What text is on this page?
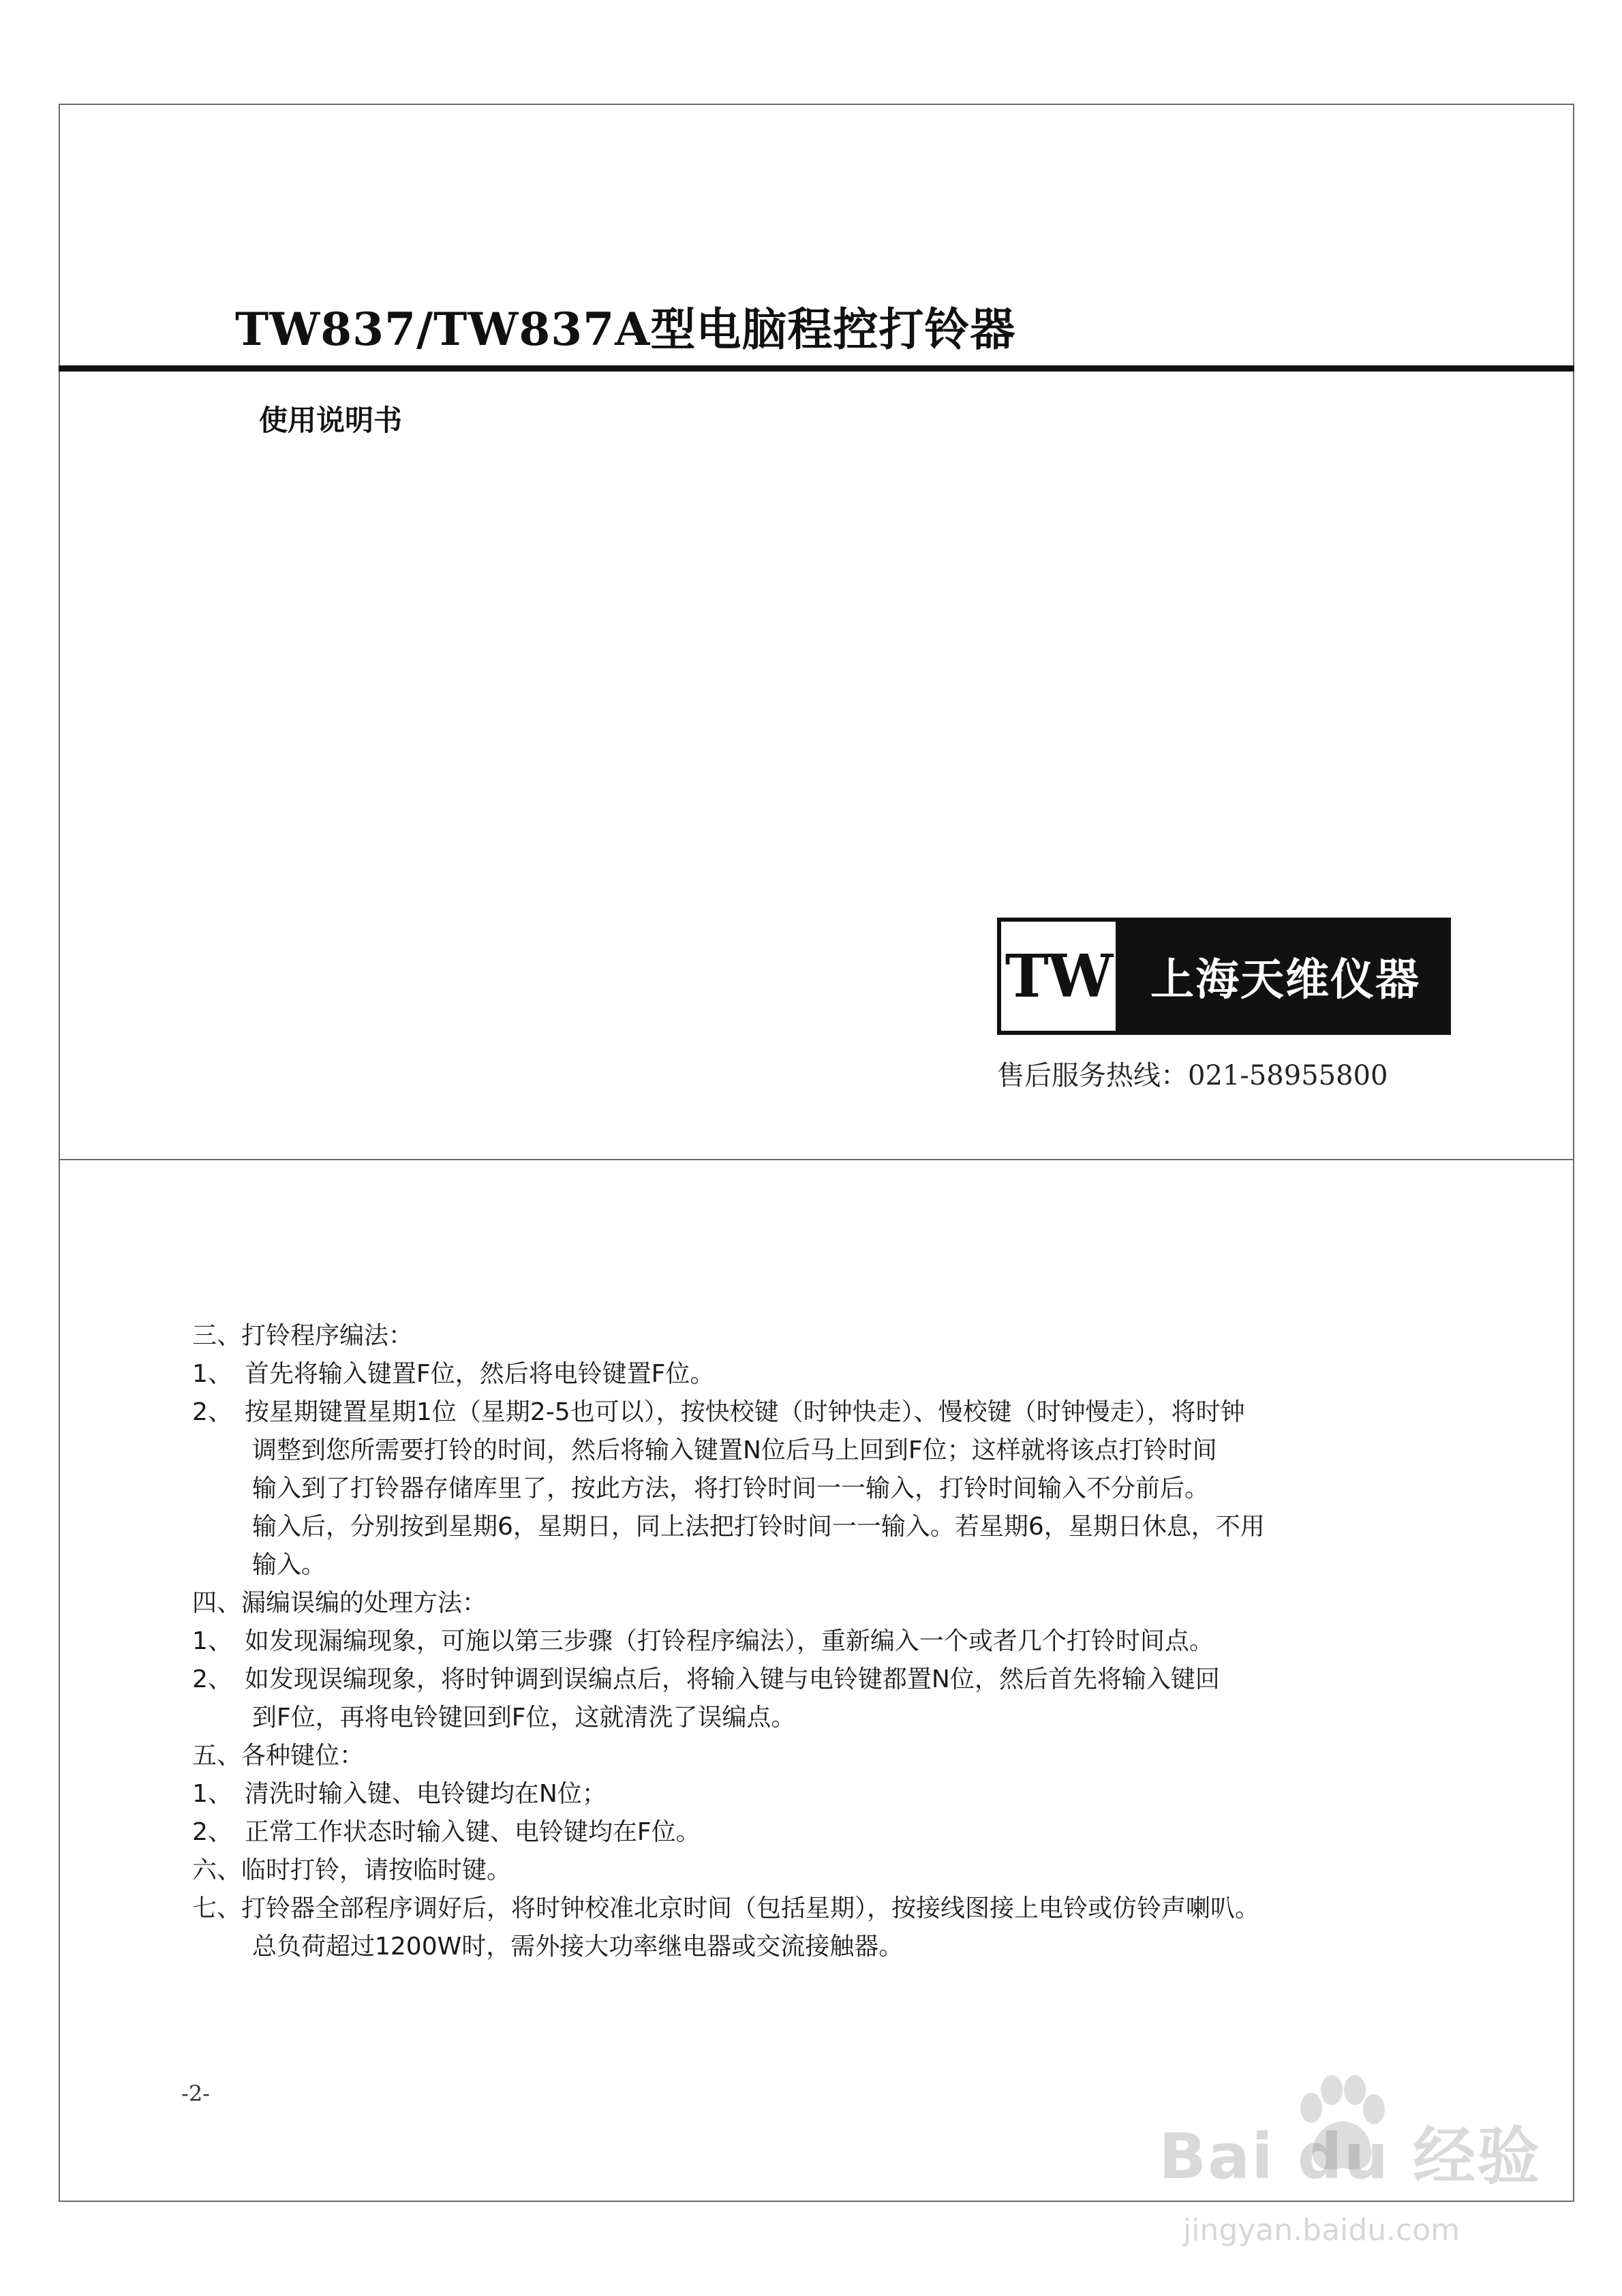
TW837/TW837A型电脑程控打铃器
使用说明书
TW 上海天维仪器
售后服务热线：021-58955800
三、打铃程序编法：
1、　首先将输入键置F位，然后将电铃键置F位。
2、　按星期键置星期1位（星期2-5也可以），按快校键（时钟快走）、慢校键（时钟慢走），将时钟
调整到您所需要打铃的时间，然后将输入键置N位后马上回到F位；这样就将该点打铃时间
输入到了打铃器存储库里了，按此方法，将打铃时间一一输入，打铃时间输入不分前后。
输入后，分别按到星期6，星期日，同上法把打铃时间一一输入。若星期6，星期日休息，不用
输入。
四、漏编误编的处理方法：
1、　如发现漏编现象，可施以第三步骤（打铃程序编法），重新编入一个或者几个打铃时间点。
2、　如发现误编现象，将时钟调到误编点后，将输入键与电铃键都置N位，然后首先将输入键回
到F位，再将电铃键回到F位，这就清洗了误编点。
五、各种键位：
1、　清洗时输入键、电铃键均在N位；
2、　正常工作状态时输入键、电铃键均在F位。
六、临时打铃，请按临时键。
七、打铃器全部程序调好后，将时钟校准北京时间（包括星期），按接线图接上电铃或仿铃声喇叭。
总负荷超过1200W时，需外接大功率继电器或交流接触器。
-2-
Bai du 经验
jingyan.baidu.com
